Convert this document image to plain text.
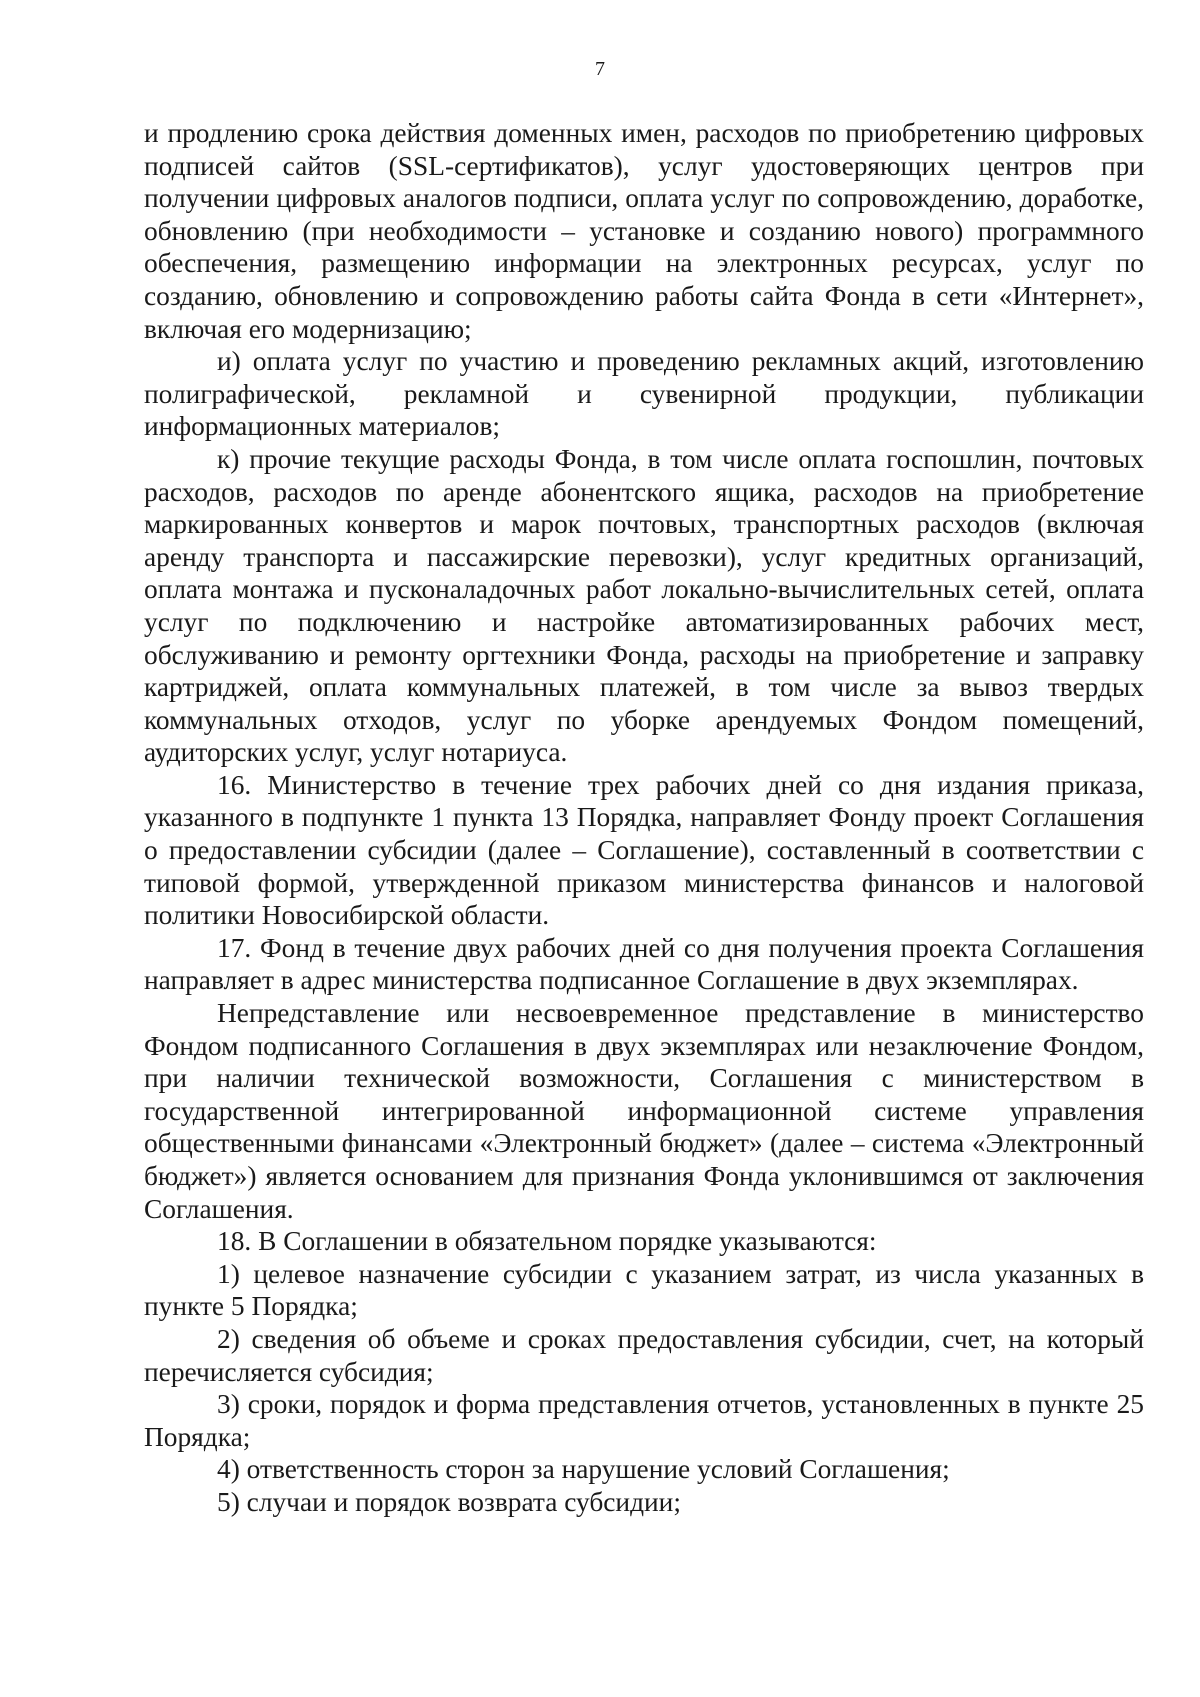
7

и продлению срока действия доменных имен, расходов по приобретению цифровых подписей сайтов (SSL-сертификатов), услуг удостоверяющих центров при получении цифровых аналогов подписи, оплата услуг по сопровождению, доработке, обновлению (при необходимости – установке и созданию нового) программного обеспечения, размещению информации на электронных ресурсах, услуг по созданию, обновлению и сопровождению работы сайта Фонда в сети «Интернет», включая его модернизацию;

и) оплата услуг по участию и проведению рекламных акций, изготовлению полиграфической, рекламной и сувенирной продукции, публикации информационных материалов;

к) прочие текущие расходы Фонда, в том числе оплата госпошлин, почтовых расходов, расходов по аренде абонентского ящика, расходов на приобретение маркированных конвертов и марок почтовых, транспортных расходов (включая аренду транспорта и пассажирские перевозки), услуг кредитных организаций, оплата монтажа и пусконаладочных работ локально-вычислительных сетей, оплата услуг по подключению и настройке автоматизированных рабочих мест, обслуживанию и ремонту оргтехники Фонда, расходы на приобретение и заправку картриджей, оплата коммунальных платежей, в том числе за вывоз твердых коммунальных отходов, услуг по уборке арендуемых Фондом помещений, аудиторских услуг, услуг нотариуса.

16. Министерство в течение трех рабочих дней со дня издания приказа, указанного в подпункте 1 пункта 13 Порядка, направляет Фонду проект Соглашения о предоставлении субсидии (далее – Соглашение), составленный в соответствии с типовой формой, утвержденной приказом министерства финансов и налоговой политики Новосибирской области.

17. Фонд в течение двух рабочих дней со дня получения проекта Соглашения направляет в адрес министерства подписанное Соглашение в двух экземплярах.

Непредставление или несвоевременное представление в министерство Фондом подписанного Соглашения в двух экземплярах или незаключение Фондом, при наличии технической возможности, Соглашения с министерством в государственной интегрированной информационной системе управления общественными финансами «Электронный бюджет» (далее – система «Электронный бюджет») является основанием для признания Фонда уклонившимся от заключения Соглашения.

18. В Соглашении в обязательном порядке указываются:

1) целевое назначение субсидии с указанием затрат, из числа указанных в пункте 5 Порядка;

2) сведения об объеме и сроках предоставления субсидии, счет, на который перечисляется субсидия;

3) сроки, порядок и форма представления отчетов, установленных в пункте 25 Порядка;

4) ответственность сторон за нарушение условий Соглашения;

5) случаи и порядок возврата субсидии;
